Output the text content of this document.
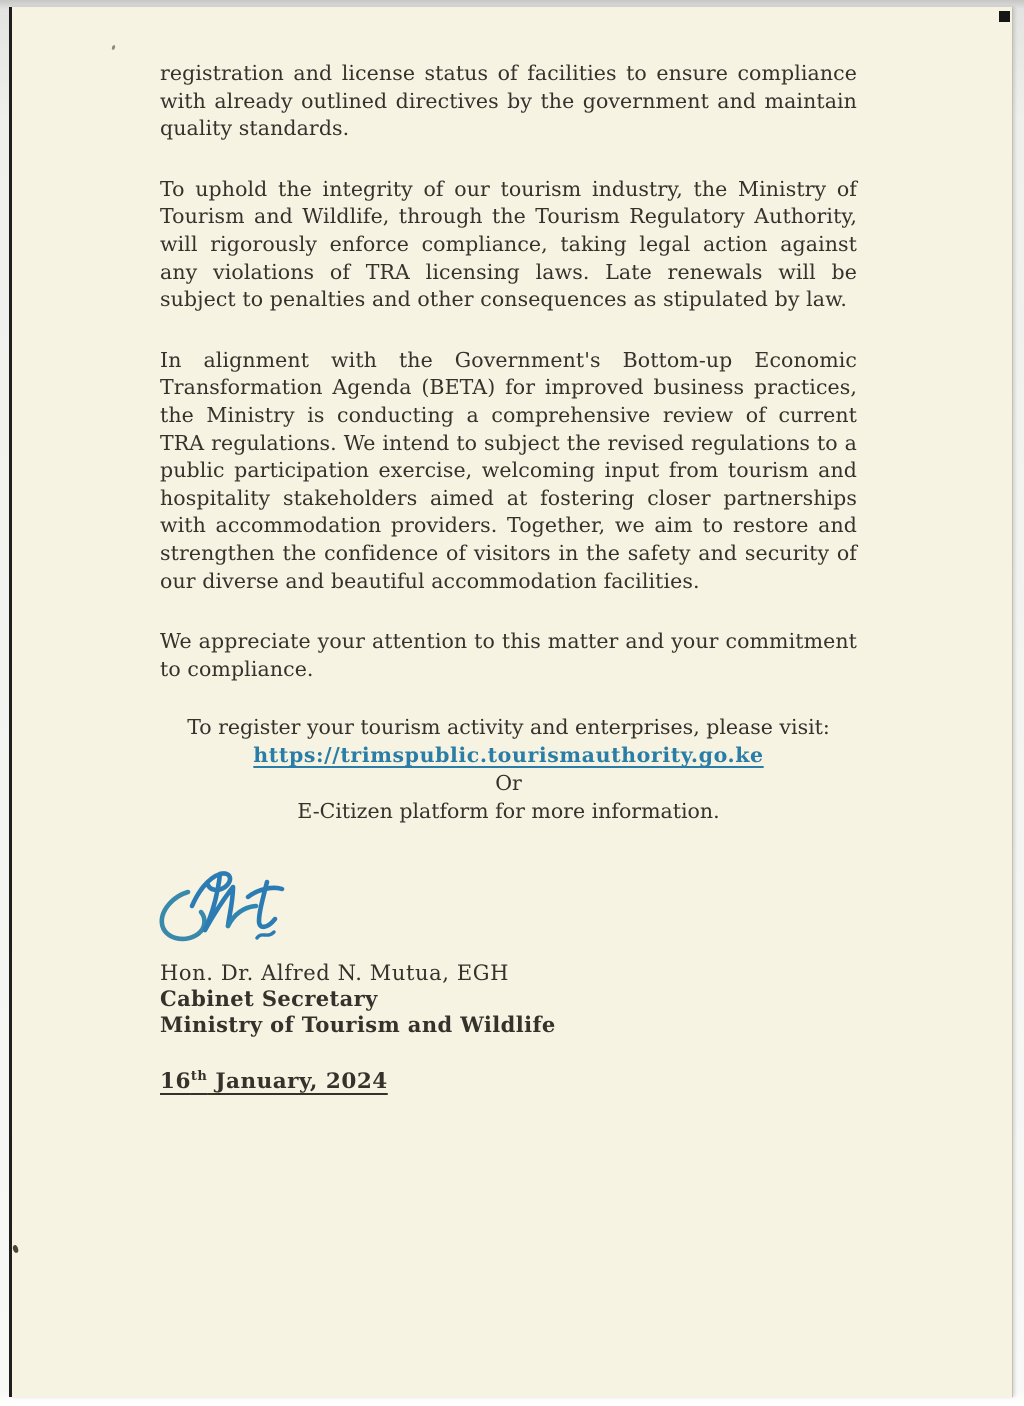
registration and license status of facilities to ensure compliance with already outlined directives by the government and maintain quality standards.

To uphold the integrity of our tourism industry, the Ministry of Tourism and Wildlife, through the Tourism Regulatory Authority, will rigorously enforce compliance, taking legal action against any violations of TRA licensing laws. Late renewals will be subject to penalties and other consequences as stipulated by law.

In alignment with the Government's Bottom-up Economic Transformation Agenda (BETA) for improved business practices, the Ministry is conducting a comprehensive review of current TRA regulations. We intend to subject the revised regulations to a public participation exercise, welcoming input from tourism and hospitality stakeholders aimed at fostering closer partnerships with accommodation providers. Together, we aim to restore and strengthen the confidence of visitors in the safety and security of our diverse and beautiful accommodation facilities.

We appreciate your attention to this matter and your commitment to compliance.

To register your tourism activity and enterprises, please visit:
https://trimspublic.tourismauthority.go.ke
Or
E-Citizen platform for more information.
Hon. Dr. Alfred N. Mutua, EGH
Cabinet Secretary
Ministry of Tourism and Wildlife
16th January, 2024
